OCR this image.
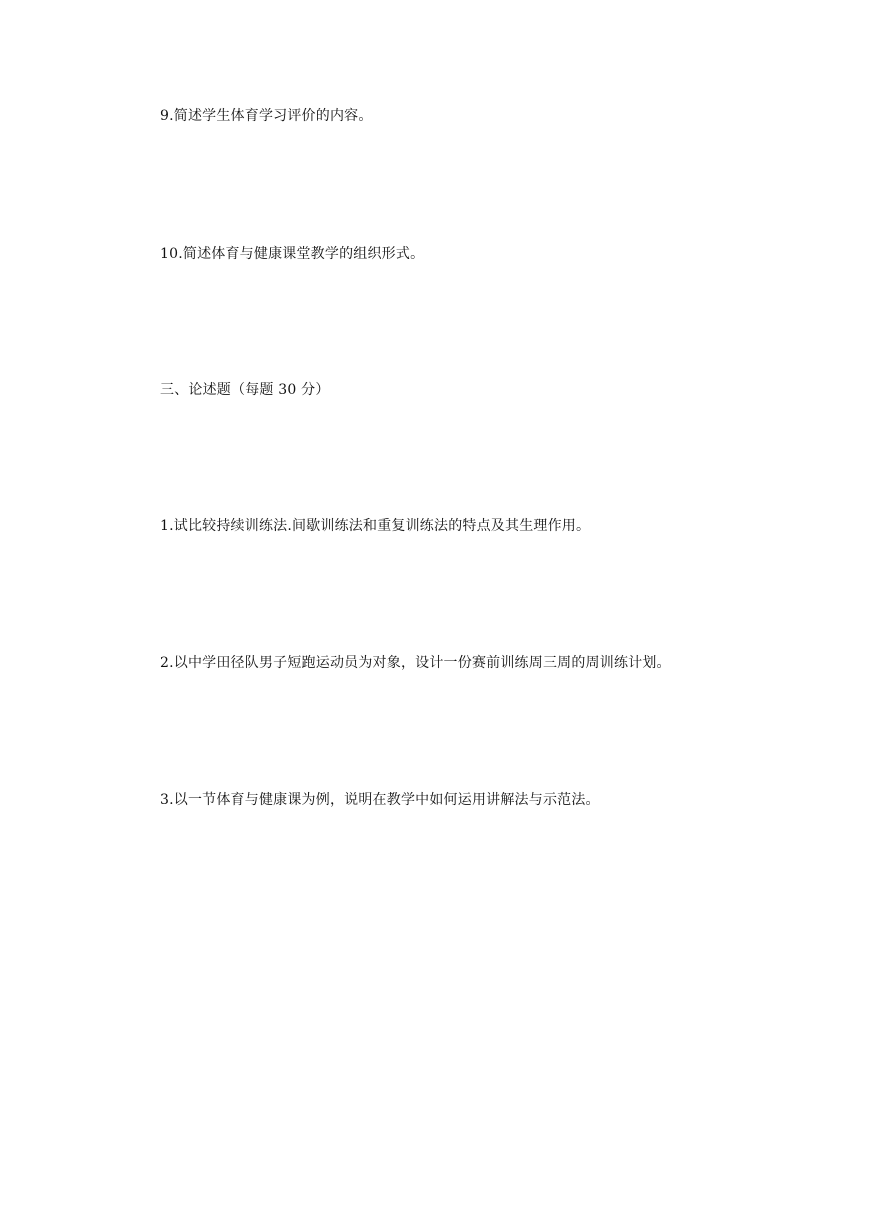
9.简述学生体育学习评价的内容。
10.简述体育与健康课堂教学的组织形式。
三、论述题（每题 30 分）
1.试比较持续训练法.间歇训练法和重复训练法的特点及其生理作用。
2.以中学田径队男子短跑运动员为对象，设计一份赛前训练周三周的周训练计划。
3.以一节体育与健康课为例，说明在教学中如何运用讲解法与示范法。
